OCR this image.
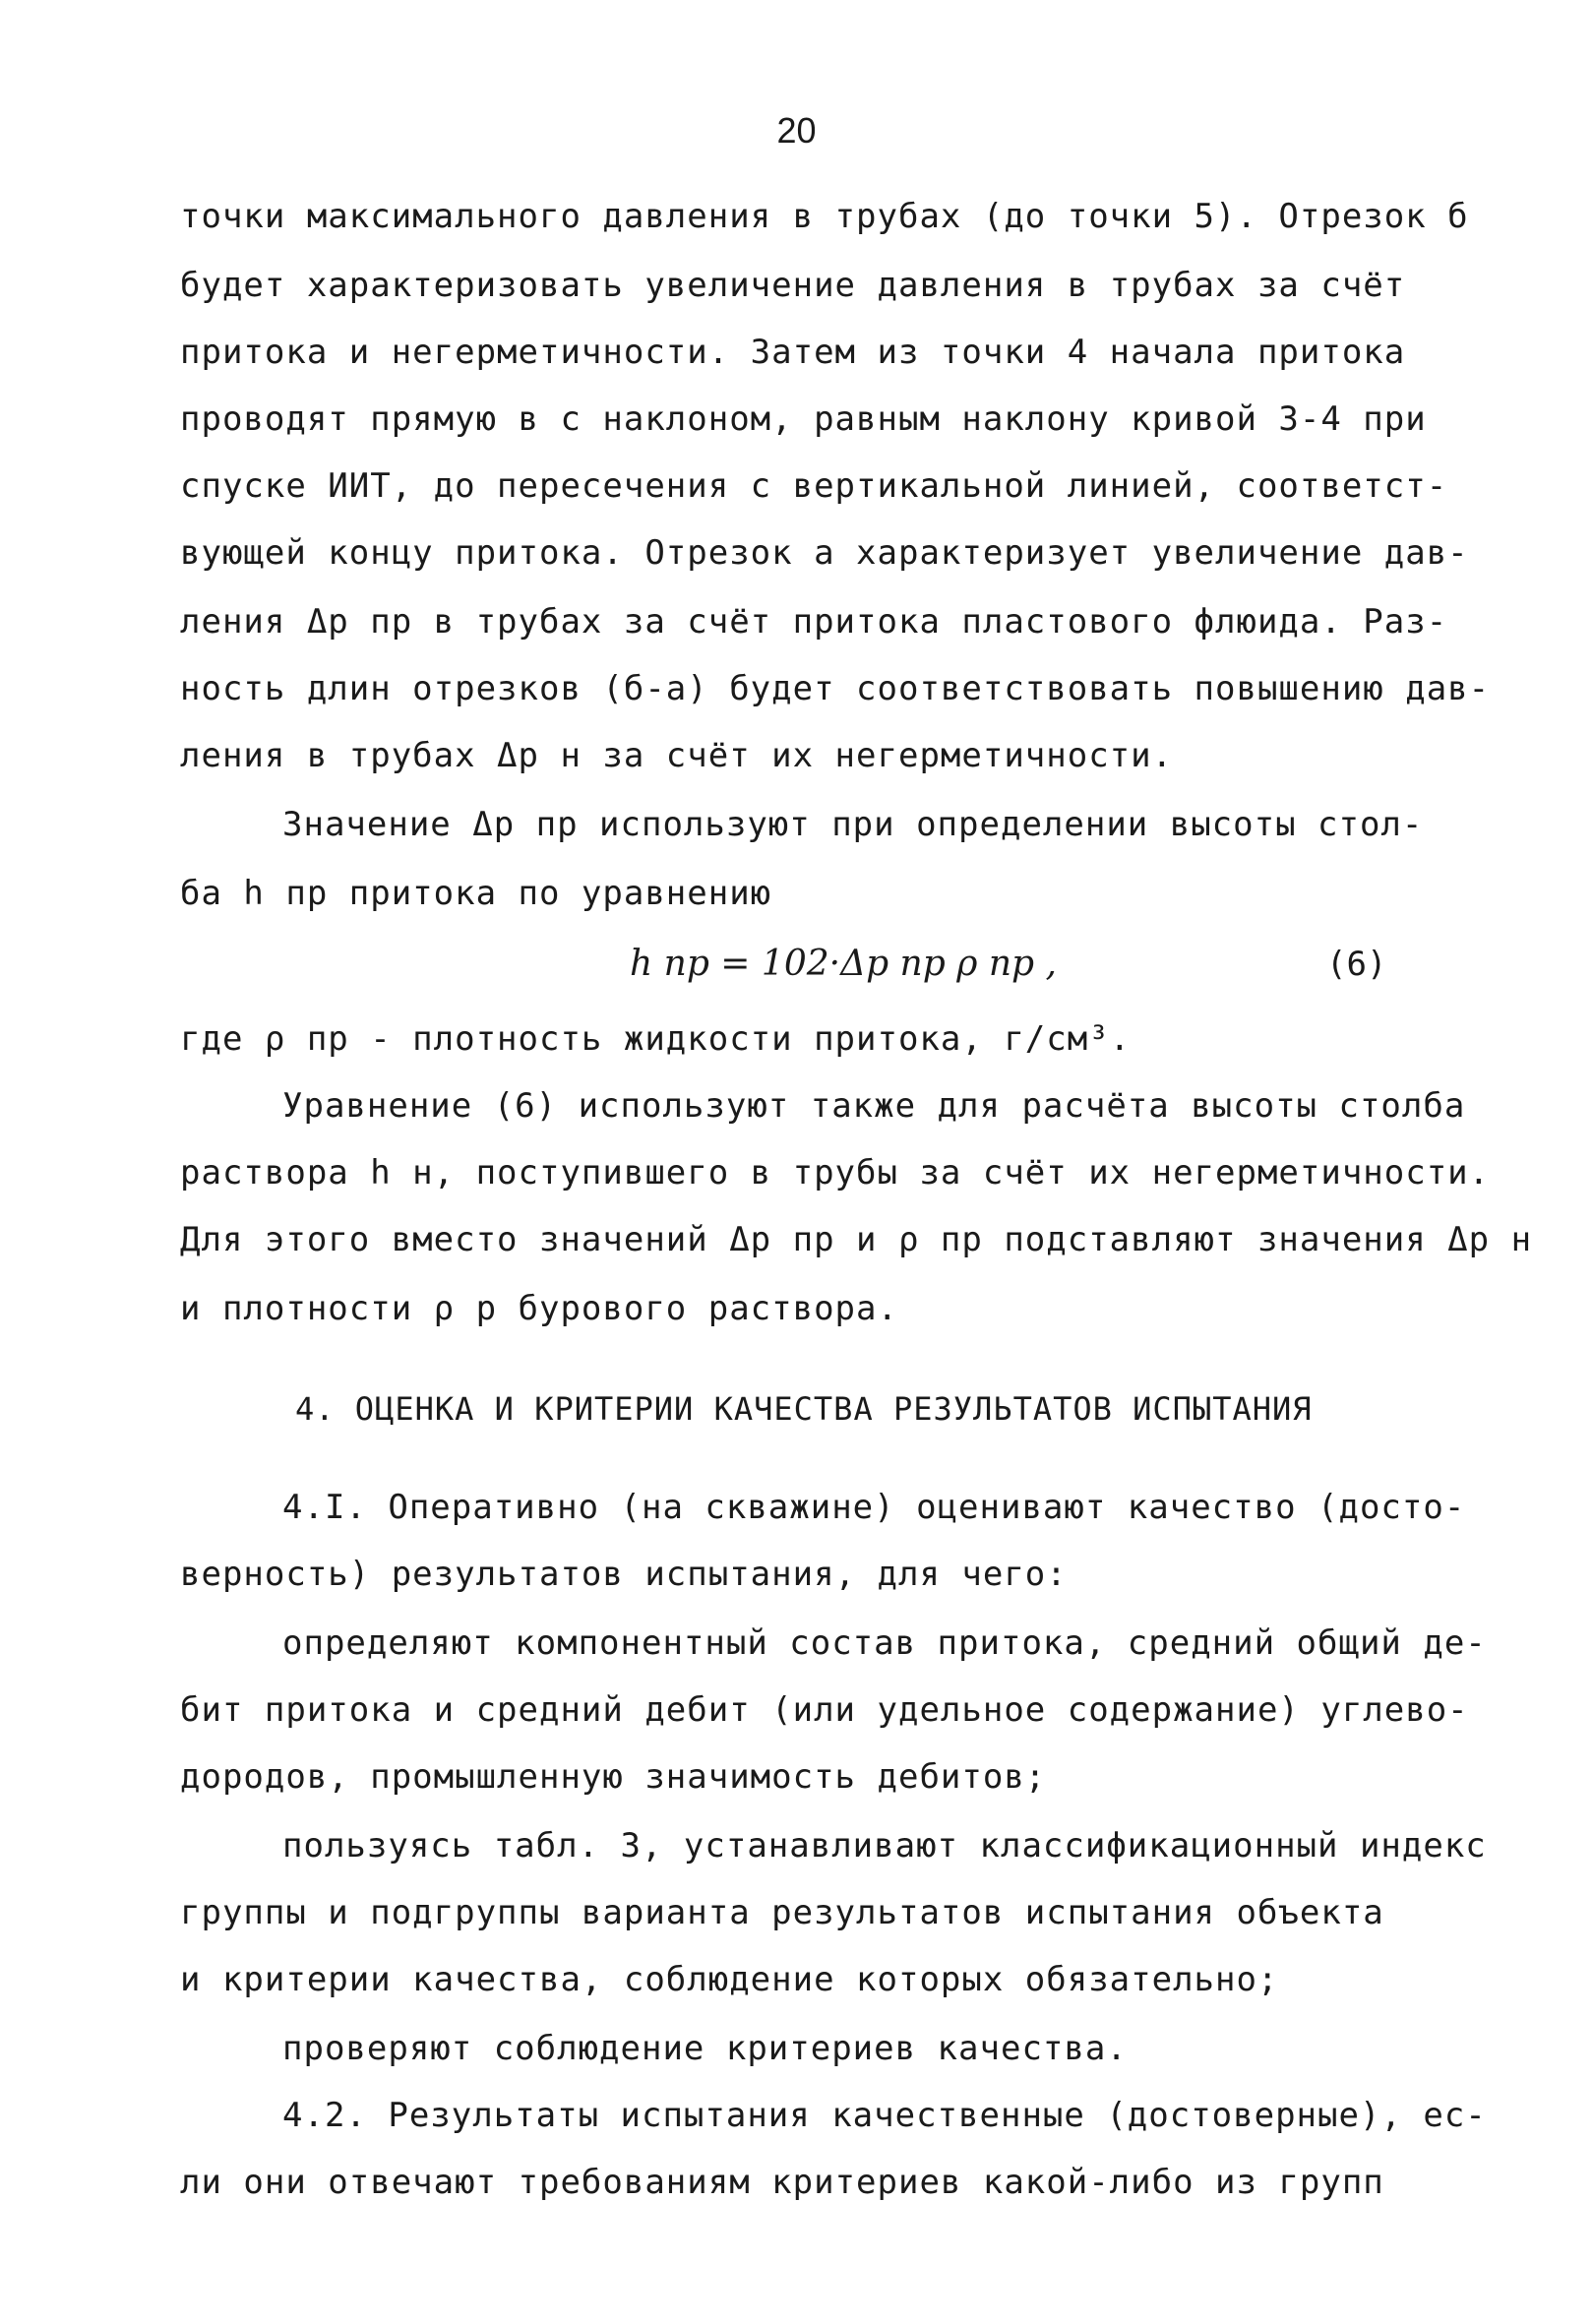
20
точки максимального давления в трубах (до точки 5). Отрезок б
будет характеризовать увеличение давления в трубах за счёт
притока и негерметичности. Затем из точки 4 начала притока
проводят прямую в с наклоном, равным наклону кривой 3-4 при
спуске ИИТ, до пересечения с вертикальной линией, соответст-
вующей концу притока. Отрезок а характеризует увеличение дав-
ления Δp пр в трубах за счёт притока пластового флюида. Раз-
ность длин отрезков (б-а) будет соответствовать повышению дав-
ления в трубах Δp н за счёт их негерметичности.
Значение Δp пр используют при определении высоты стол-
ба h пр притока по уравнению
h пр = 102·Δp пр ρ пр ,	(6)
где ρ пр - плотность жидкости притока, г/см³.
Уравнение (6) используют также для расчёта высоты столба
раствора h н, поступившего в трубы за счёт их негерметичности.
Для этого вместо значений Δp пр и ρ пр подставляют значения Δp н
и плотности ρ р бурового раствора.
4. ОЦЕНКА И КРИТЕРИИ КАЧЕСТВА РЕЗУЛЬТАТОВ ИСПЫТАНИЯ
4.I. Оперативно (на скважине) оценивают качество (досто-
верность) результатов испытания, для чего:
определяют компонентный состав притока, средний общий де-
бит притока и средний дебит (или удельное содержание) углево-
дородов, промышленную значимость дебитов;
пользуясь табл. 3, устанавливают классификационный индекс
группы и подгруппы варианта результатов испытания объекта
и критерии качества, соблюдение которых обязательно;
проверяют соблюдение критериев качества.
4.2. Результаты испытания качественные (достоверные), ес-
ли они отвечают требованиям критериев какой-либо из групп
